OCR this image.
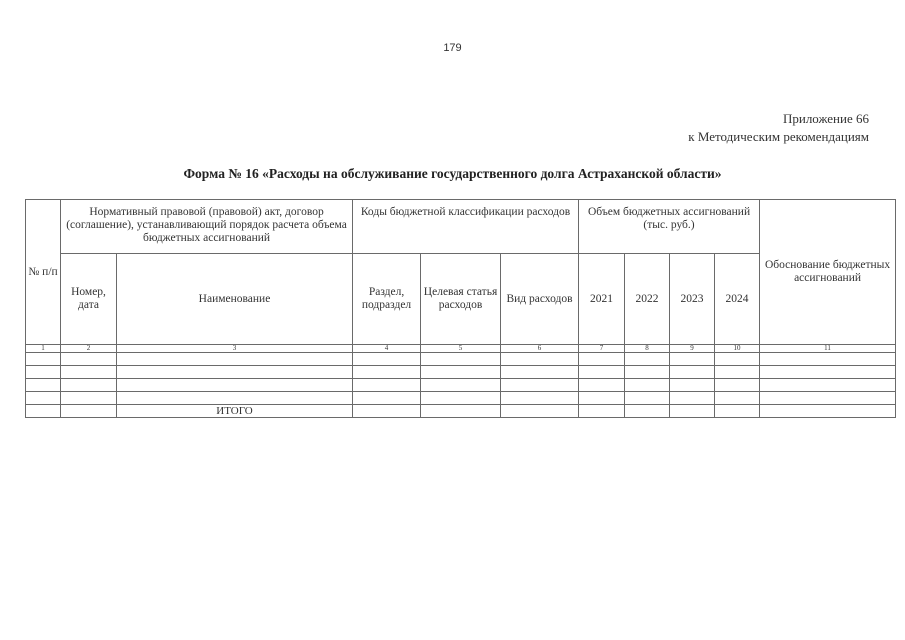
179
Приложение 66
к Методическим рекомендациям
Форма № 16 «Расходы на обслуживание государственного долга Астраханской области»
№ п/п	Нормативный правовой (правовой) акт, договор (соглашение), устанавливающий порядок расчета объема бюджетных ассигнований		Коды бюджетной классификации расходов			Объем бюджетных ассигнований (тыс. руб.)				Обоснование бюджетных ассигнований
	Номер, дата	Наименование	Раздел, подраздел	Целевая статья расходов	Вид расходов	2021	2022	2023	2024	
1	2	3	4	5	6	7	8	9	10	11

		ИТОГО								
